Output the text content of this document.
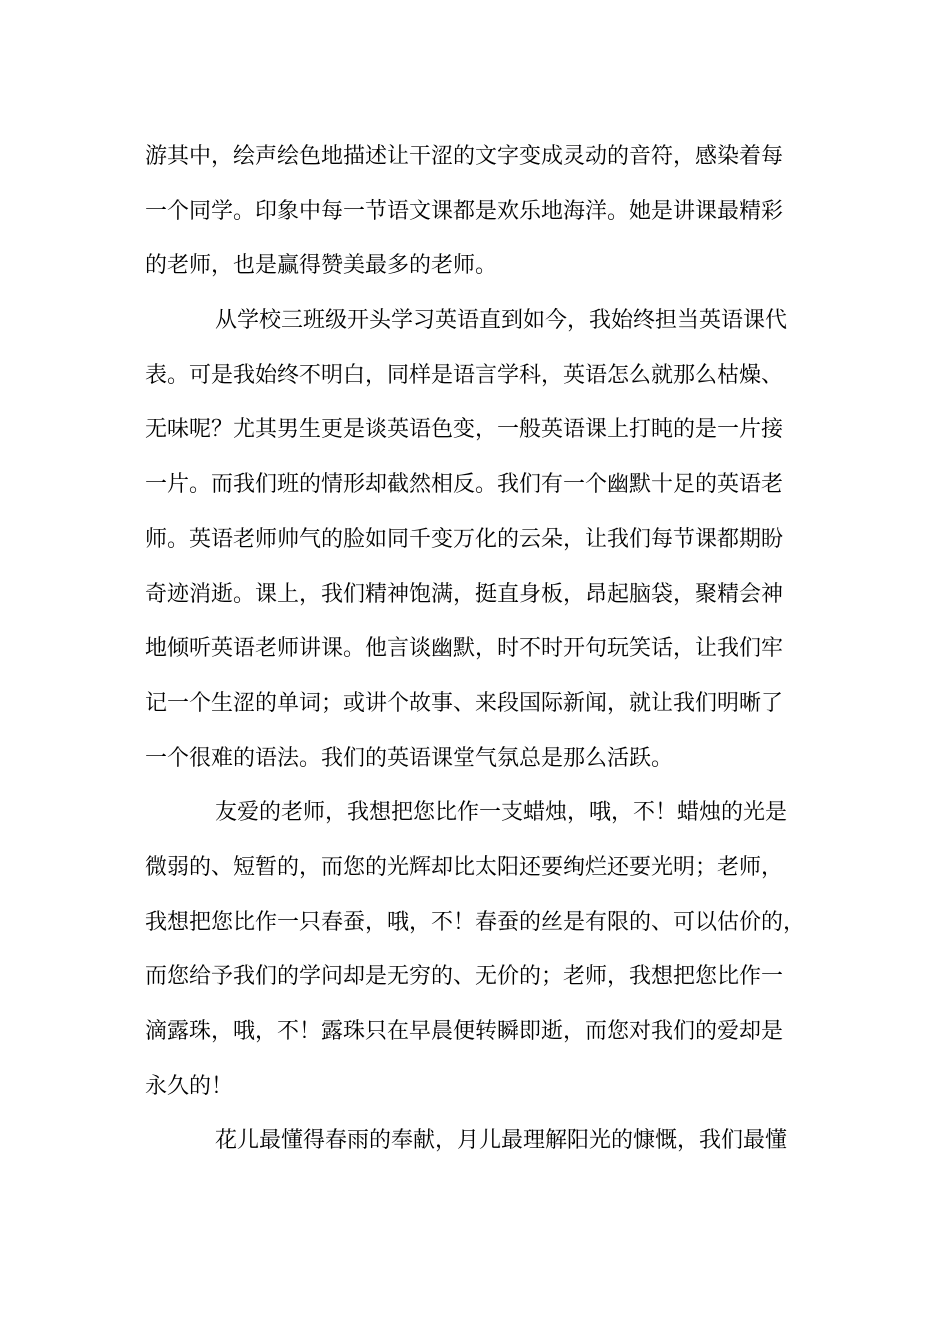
游其中，绘声绘色地描述让干涩的文字变成灵动的音符，感染着每
一个同学。印象中每一节语文课都是欢乐地海洋。她是讲课最精彩
的老师，也是赢得赞美最多的老师。
从学校三班级开头学习英语直到如今，我始终担当英语课代
表。可是我始终不明白，同样是语言学科，英语怎么就那么枯燥、
无味呢？尤其男生更是谈英语色变，一般英语课上打盹的是一片接
一片。而我们班的情形却截然相反。我们有一个幽默十足的英语老
师。英语老师帅气的脸如同千变万化的云朵，让我们每节课都期盼
奇迹消逝。课上，我们精神饱满，挺直身板，昂起脑袋，聚精会神
地倾听英语老师讲课。他言谈幽默，时不时开句玩笑话，让我们牢
记一个生涩的单词；或讲个故事、来段国际新闻，就让我们明晰了
一个很难的语法。我们的英语课堂气氛总是那么活跃。
友爱的老师，我想把您比作一支蜡烛，哦，不！蜡烛的光是
微弱的、短暂的，而您的光辉却比太阳还要绚烂还要光明；老师，
我想把您比作一只春蚕，哦，不！春蚕的丝是有限的、可以估价的，
而您给予我们的学问却是无穷的、无价的；老师，我想把您比作一
滴露珠，哦，不！露珠只在早晨便转瞬即逝，而您对我们的爱却是
永久的！
花儿最懂得春雨的奉献，月儿最理解阳光的慷慨，我们最懂
